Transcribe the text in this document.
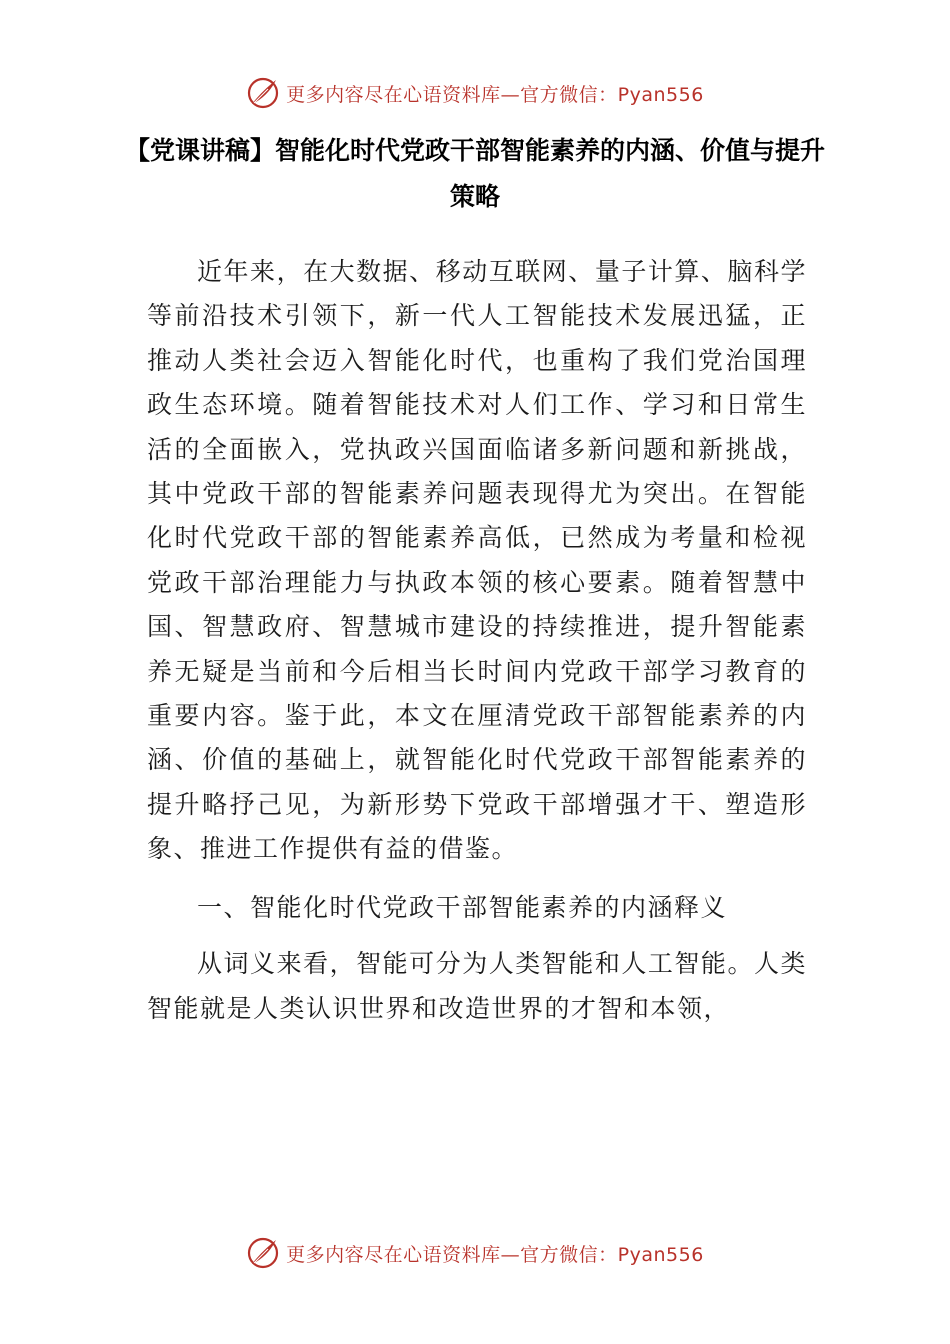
更多内容尽在心语资料库—官方微信：Pyan556
【党课讲稿】智能化时代党政干部智能素养的内涵、价值与提升策略

近年来，在大数据、移动互联网、量子计算、脑科学等前沿技术引领下，新一代人工智能技术发展迅猛，正推动人类社会迈入智能化时代，也重构了我们党治国理政生态环境。随着智能技术对人们工作、学习和日常生活的全面嵌入，党执政兴国面临诸多新问题和新挑战，其中党政干部的智能素养问题表现得尤为突出。在智能化时代党政干部的智能素养高低，已然成为考量和检视党政干部治理能力与执政本领的核心要素。随着智慧中国、智慧政府、智慧城市建设的持续推进，提升智能素养无疑是当前和今后相当长时间内党政干部学习教育的重要内容。鉴于此，本文在厘清党政干部智能素养的内涵、价值的基础上，就智能化时代党政干部智能素养的提升略抒己见，为新形势下党政干部增强才干、塑造形象、推进工作提供有益的借鉴。

一、智能化时代党政干部智能素养的内涵释义

从词义来看，智能可分为人类智能和人工智能。人类智能就是人类认识世界和改造世界的才智和本领，

更多内容尽在心语资料库—官方微信：Pyan556
